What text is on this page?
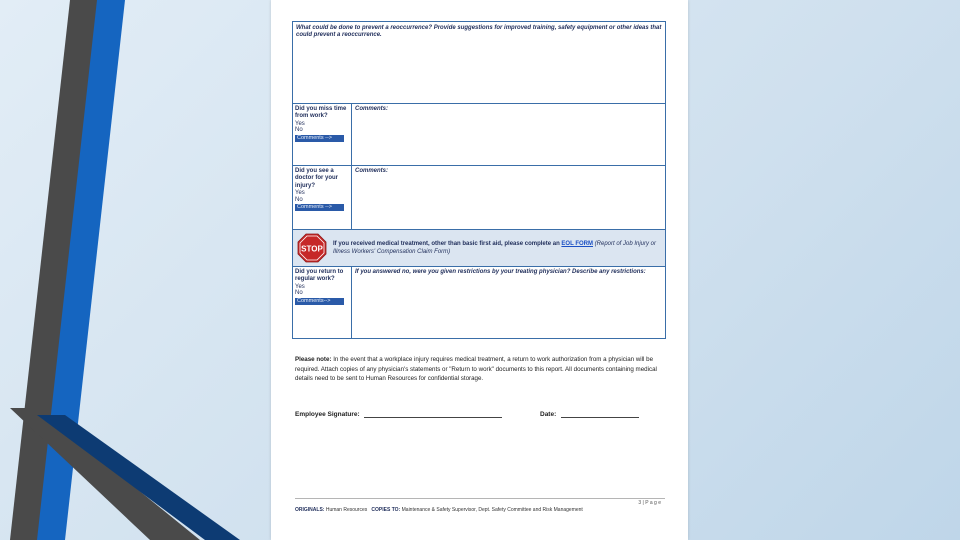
What could be done to prevent a reoccurrence? Provide suggestions for improved training, safety equipment or other ideas that could prevent a reoccurrence.
Did you miss time from work?
Yes
No
Comments -->
Comments:
Did you see a doctor for your injury?
Yes
No
Comments -->
Comments:
STOP
If you received medical treatment, other than basic first aid, please complete an EOL FORM (Report of Job Injury or Illness Workers' Compensation Claim Form)
Did you return to regular work?
Yes
No
Comments-->
If you answered no, were you given restrictions by your treating physician? Describe any restrictions:
Please note: In the event that a workplace injury requires medical treatment, a return to work authorization from a physician will be required. Attach copies of any physician's statements or "Return to work" documents to this report. All documents containing medical details need to be sent to Human Resources for confidential storage.
Employee Signature:	Date:
3 | P a g e
ORIGINALS: Human Resources COPIES TO: Maintenance & Safety Supervisor, Dept. Safety Committee and Risk Management
